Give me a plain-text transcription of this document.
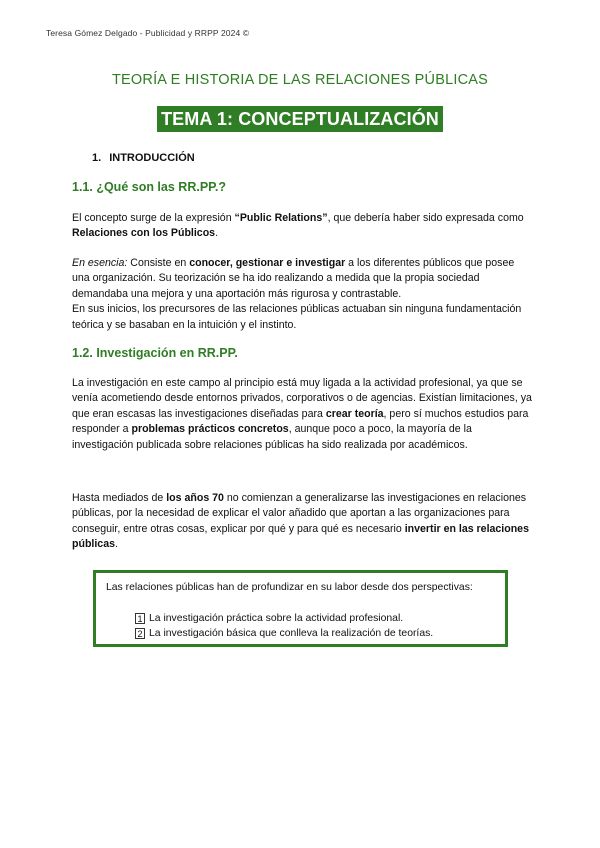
Teresa Gómez Delgado - Publicidad y RRPP 2024 ©
TEORÍA E HISTORIA DE LAS RELACIONES PÚBLICAS
TEMA 1: CONCEPTUALIZACIÓN
1. INTRODUCCIÓN
1.1. ¿Qué son las RR.PP.?
El concepto surge de la expresión “Public Relations”, que debería haber sido expresada como Relaciones con los Públicos.
En esencia: Consiste en conocer, gestionar e investigar a los diferentes públicos que posee una organización. Su teorización se ha ido realizando a medida que la propia sociedad demandaba una mejora y una aportación más rigurosa y contrastable.
En sus inicios, los precursores de las relaciones públicas actuaban sin ninguna fundamentación teórica y se basaban en la intuición y el instinto.
1.2. Investigación en RR.PP.
La investigación en este campo al principio está muy ligada a la actividad profesional, ya que se venía acometiendo desde entornos privados, corporativos o de agencias. Existían limitaciones, ya que eran escasas las investigaciones diseñadas para crear teoría, pero sí muchos estudios para responder a problemas prácticos concretos, aunque poco a poco, la mayoría de la investigación publicada sobre relaciones públicas ha sido realizada por académicos.
Hasta mediados de los años 70 no comienzan a generalizarse las investigaciones en relaciones públicas, por la necesidad de explicar el valor añadido que aportan a las organizaciones para conseguir, entre otras cosas, explicar por qué y para qué es necesario invertir en las relaciones públicas.
Las relaciones públicas han de profundizar en su labor desde dos perspectivas:
1 La investigación práctica sobre la actividad profesional.
2 La investigación básica que conlleva la realización de teorías.
